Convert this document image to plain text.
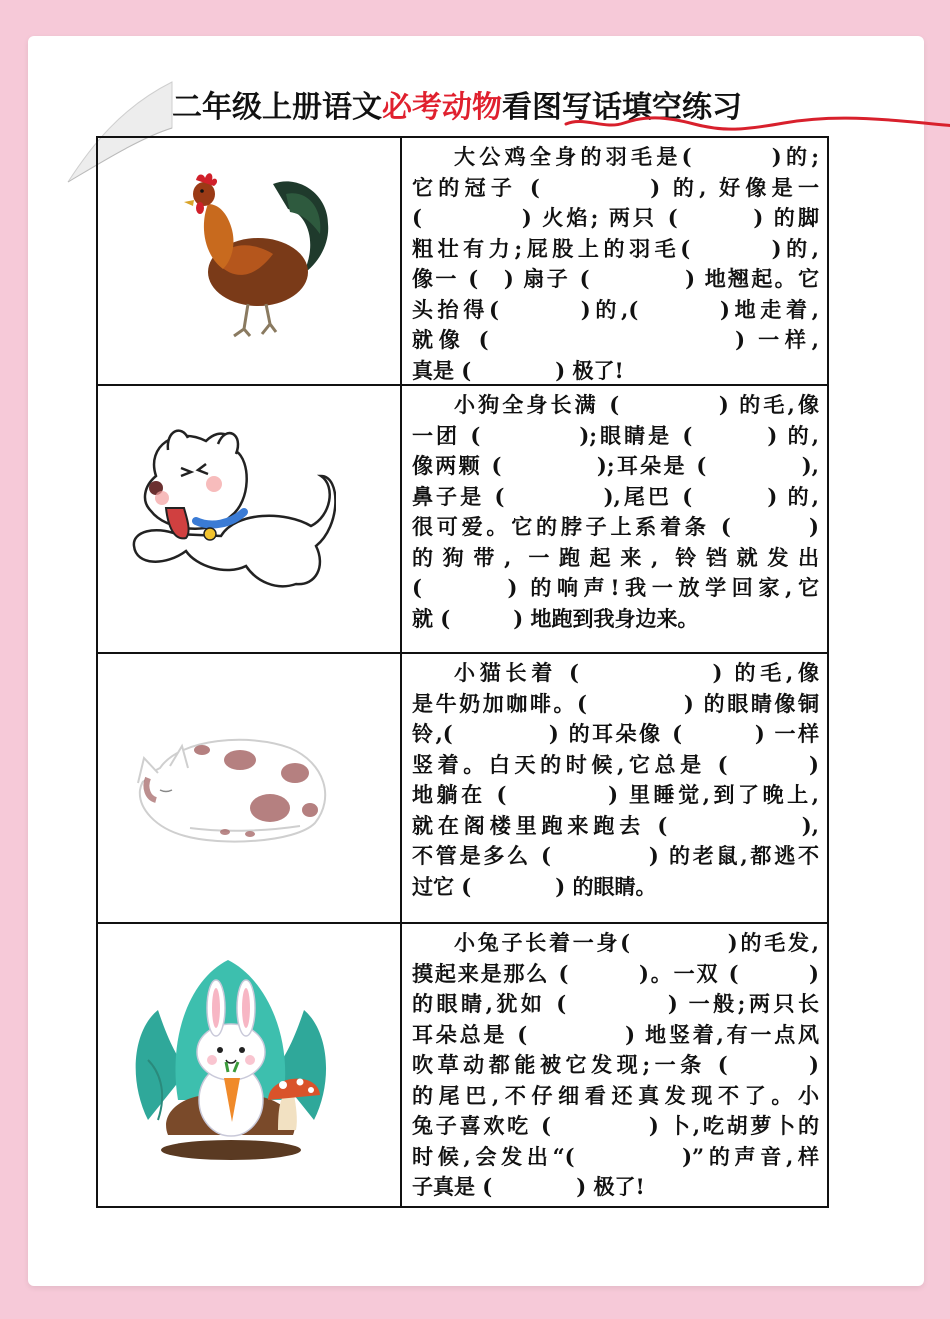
二年级上册语文必考动物看图写话填空练习
大公鸡全身的羽毛是(　　　)的;
它的冠子 (　　　　) 的, 好像是一
(　　　　) 火焰; 两只 (　　　) 的脚
粗壮有力;屁股上的羽毛(　　　)的,
像一 (　) 扇子 (　　　　) 地翘起。它
头抬得(　　　)的,(　　　)地走着,
就像 (　　　　　　　　　) 一样,
真是 (　　　　) 极了!
小狗全身长满 (　　　　) 的毛,像
一团 (　　　　);眼睛是 (　　　) 的,
像两颗 (　　　　);耳朵是 (　　　　),
鼻子是 (　　　　),尾巴 (　　　) 的,
很可爱。它的脖子上系着条 (　　　)
的狗带, 一跑起来, 铃铛就发出
(　　　) 的响声!我一放学回家,它
就 (　　　) 地跑到我身边来。
小猫长着 (　　　　　) 的毛,像
是牛奶加咖啡。(　　　　) 的眼睛像铜
铃,(　　　　) 的耳朵像 (　　　) 一样
竖着。白天的时候,它总是 (　　　)
地躺在 (　　　　) 里睡觉,到了晚上,
就在阁楼里跑来跑去 (　　　　　),
不管是多么 (　　　　) 的老鼠,都逃不
过它 (　　　　) 的眼睛。
小兔子长着一身(　　　　)的毛发,
摸起来是那么 (　　　)。一双 (　　　)
的眼睛,犹如 (　　　　) 一般;两只长
耳朵总是 (　　　　) 地竖着,有一点风
吹草动都能被它发现;一条 (　　　)
的尾巴,不仔细看还真发现不了。小
兔子喜欢吃 (　　　　) 卜,吃胡萝卜的
时候,会发出“(　　　　)”的声音,样
子真是 (　　　　) 极了!
